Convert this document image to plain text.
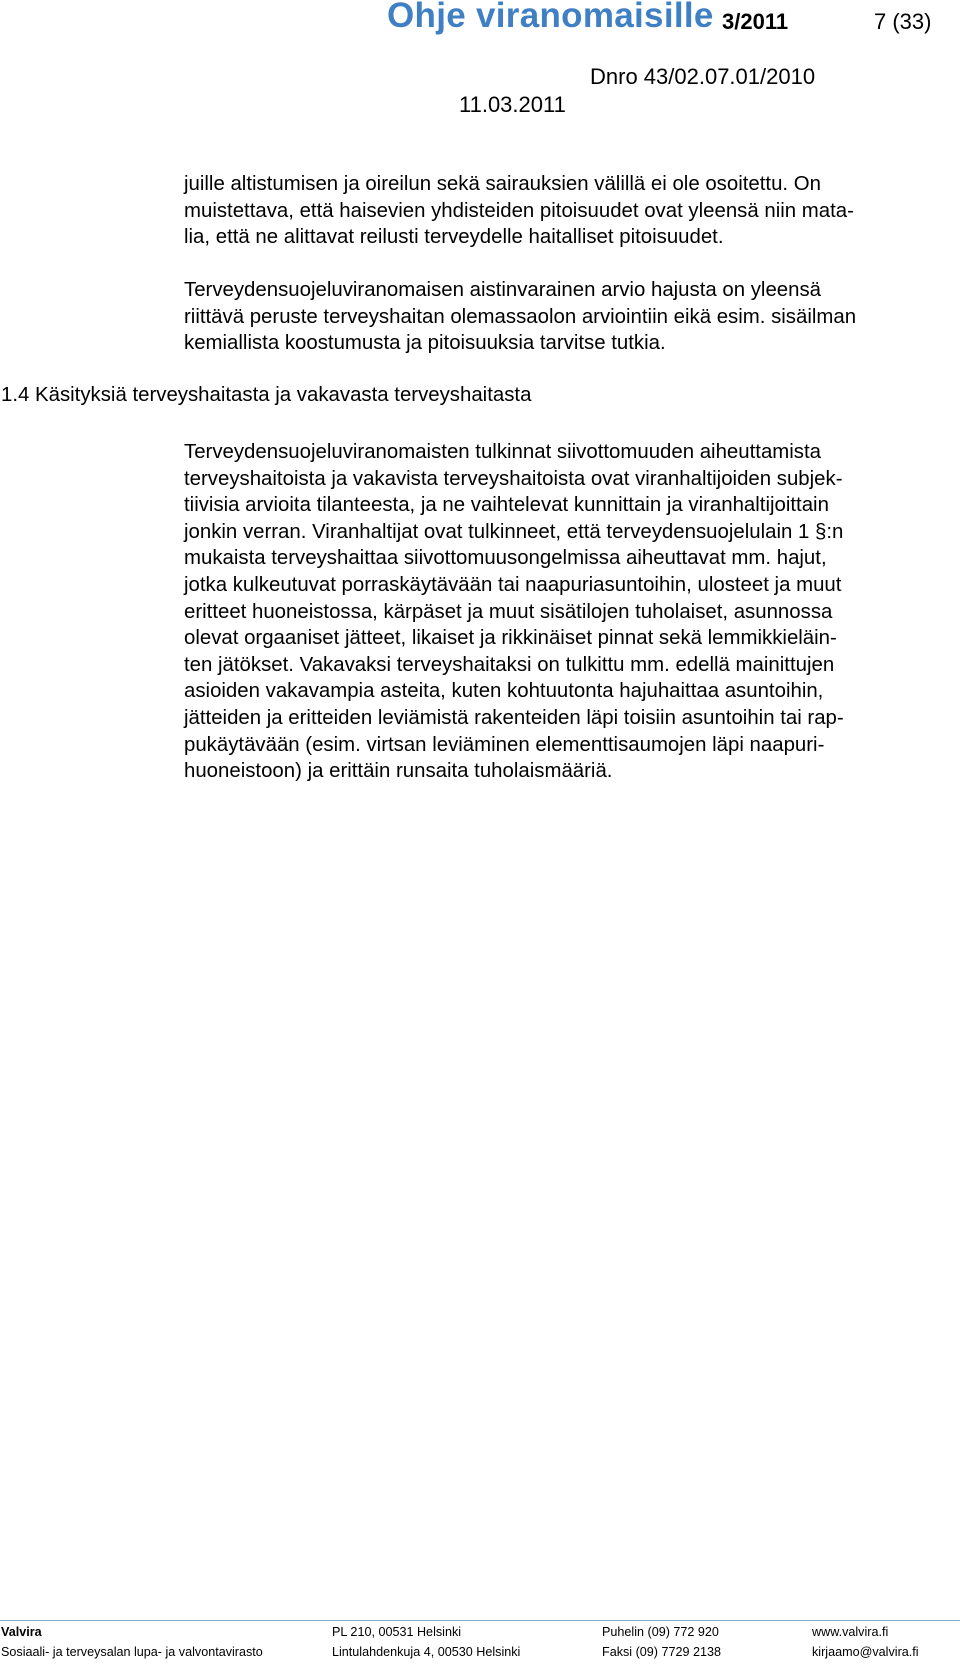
Ohje viranomaisille 3/2011	7 (33)
Dnro 43/02.07.01/2010
11.03.2011
juille altistumisen ja oireilun sekä sairauksien välillä ei ole osoitettu. On
muistettava, että haisevien yhdisteiden pitoisuudet ovat yleensä niin mata-
lia, että ne alittavat reilusti terveydelle haitalliset pitoisuudet.
Terveydensuojeluviranomaisen aistinvarainen arvio hajusta on yleensä
riittävä peruste terveyshaitan olemassaolon arviointiin eikä esim. sisäilman
kemiallista koostumusta ja pitoisuuksia tarvitse tutkia.
1.4 Käsityksiä terveyshaitasta ja vakavasta terveyshaitasta
Terveydensuojeluviranomaisten tulkinnat siivottomuuden aiheuttamista
terveyshaitoista ja vakavista terveyshaitoista ovat viranhaltijoiden subjek-
tiivisia arvioita tilanteesta, ja ne vaihtelevat kunnittain ja viranhaltijoittain
jonkin verran. Viranhaltijat ovat tulkinneet, että terveydensuojelulain 1 §:n
mukaista terveyshaittaa siivottomuusongelmissa aiheuttavat mm. hajut,
jotka kulkeutuvat porraskäytävään tai naapuriasuntoihin, ulosteet ja muut
eritteet huoneistossa, kärpäset ja muut sisätilojen tuholaiset, asunnossa
olevat orgaaniset jätteet, likaiset ja rikkinäiset pinnat sekä lemmikkieläin-
ten jätökset. Vakavaksi terveyshaitaksi on tulkittu mm. edellä mainittujen
asioiden vakavampia asteita, kuten kohtuutonta hajuhaittaa asuntoihin,
jätteiden ja eritteiden leviämistä rakenteiden läpi toisiin asuntoihin tai rap-
pukäytävään (esim. virtsan leviäminen elementtisaumojen läpi naapuri-
huoneistoon) ja erittäin runsaita tuholaismääriä.
Valvira
Sosiaali- ja terveysalan lupa- ja valvontavirasto
PL 210, 00531 Helsinki
Lintulahdenkuja 4, 00530 Helsinki
Puhelin (09) 772 920
Faksi (09) 7729 2138
www.valvira.fi
kirjaamo@valvira.fi
